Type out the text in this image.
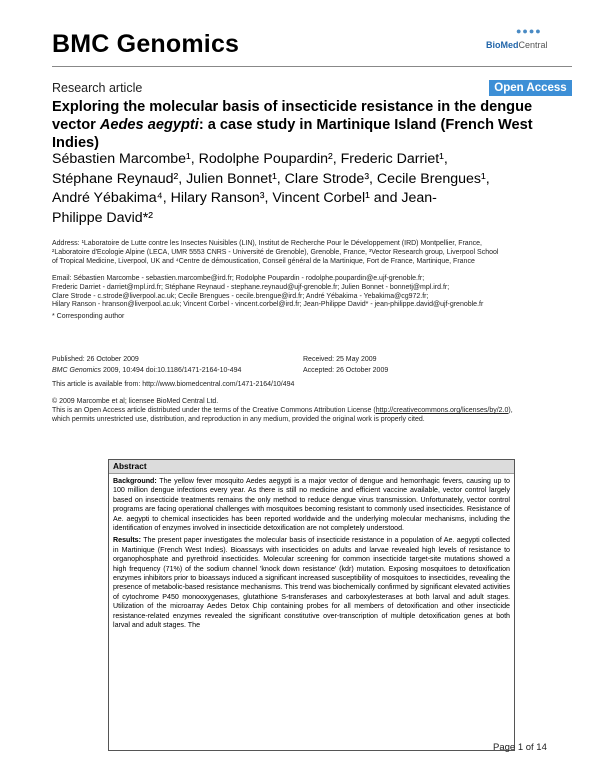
BMC Genomics	●●●●
BioMedCentral
Research article	Open Access
Exploring the molecular basis of insecticide resistance in the dengue vector Aedes aegypti: a case study in Martinique Island (French West Indies)
Sébastien Marcombe¹, Rodolphe Poupardin², Frederic Darriet¹,
Stéphane Reynaud², Julien Bonnet¹, Clare Strode³, Cecile Brengues¹,
André Yébakima⁴, Hilary Ranson³, Vincent Corbel¹ and Jean-
Philippe David*²
Address: ¹Laboratoire de Lutte contre les Insectes Nuisibles (LIN), Institut de Recherche Pour le Développement (IRD) Montpellier, France,
²Laboratoire d'Ecologie Alpine (LECA, UMR 5553 CNRS - Université de Grenoble), Grenoble, France, ³Vector Research group, Liverpool School
of Tropical Medicine, Liverpool, UK and ⁴Centre de démoustication, Conseil général de la Martinique, Fort de France, Martinique, France
Email: Sébastien Marcombe - sebastien.marcombe@ird.fr; Rodolphe Poupardin - rodolphe.poupardin@e.ujf-grenoble.fr;
Frederic Darriet - darriet@mpl.ird.fr; Stéphane Reynaud - stephane.reynaud@ujf-grenoble.fr; Julien Bonnet - bonnetj@mpl.ird.fr;
Clare Strode - c.strode@liverpool.ac.uk; Cecile Brengues - cecile.brengue@ird.fr; André Yébakima - Yebakima@cg972.fr;
Hilary Ranson - hranson@liverpool.ac.uk; Vincent Corbel - vincent.corbel@ird.fr; Jean-Philippe David* - jean-philippe.david@ujf-grenoble.fr
* Corresponding author
Published: 26 October 2009	Received: 25 May 2009
BMC Genomics 2009, 10:494 doi:10.1186/1471-2164-10-494	Accepted: 26 October 2009
This article is available from: http://www.biomedcentral.com/1471-2164/10/494
© 2009 Marcombe et al; licensee BioMed Central Ltd.
This is an Open Access article distributed under the terms of the Creative Commons Attribution License (http://creativecommons.org/licenses/by/2.0),
which permits unrestricted use, distribution, and reproduction in any medium, provided the original work is properly cited.
Abstract

Background: The yellow fever mosquito Aedes aegypti is a major vector of dengue and hemorrhagic fevers, causing up to 100 million dengue infections every year. As there is still no medicine and efficient vaccine available, vector control largely based on insecticide treatments remains the only method to reduce dengue virus transmission. Unfortunately, vector control programs are facing operational challenges with mosquitoes becoming resistant to commonly used insecticides. Resistance of Ae. aegypti to chemical insecticides has been reported worldwide and the underlying molecular mechanisms, including the identification of enzymes involved in insecticide detoxification are not completely understood.

Results: The present paper investigates the molecular basis of insecticide resistance in a population of Ae. aegypti collected in Martinique (French West Indies). Bioassays with insecticides on adults and larvae revealed high levels of resistance to organophosphate and pyrethroid insecticides. Molecular screening for common insecticide target-site mutations showed a high frequency (71%) of the sodium channel 'knock down resistance' (kdr) mutation. Exposing mosquitoes to detoxification enzymes inhibitors prior to bioassays induced a significant increased susceptibility of mosquitoes to insecticides, revealing the presence of metabolic-based resistance mechanisms. This trend was biochemically confirmed by significant elevated activities of cytochrome P450 monooxygenases, glutathione S-transferases and carboxylesterases at both larval and adult stages. Utilization of the microarray Aedes Detox Chip containing probes for all members of detoxification and other insecticide resistance-related enzymes revealed the significant constitutive over-transcription of multiple detoxification genes at both larval and adult stages. The

Page 1 of 14
